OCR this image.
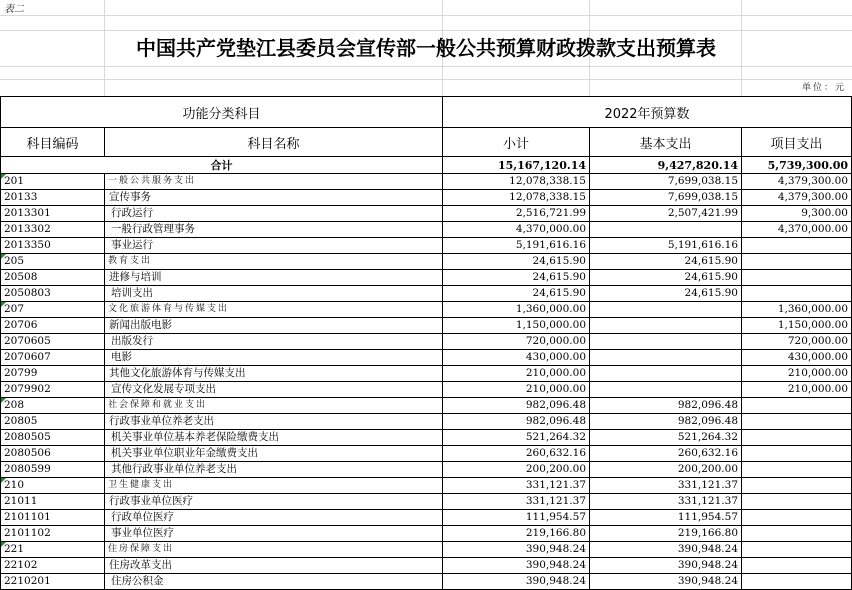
表二
中国共产党垫江县委员会宣传部一般公共预算财政拨款支出预算表
单位：元
功能分类科目		2022年预算数		
科目编码	科目名称	小计	基本支出	项目支出
合计		15,167,120.14	9,427,820.14	5,739,300.00
201	一般公共服务支出	12,078,338.15	7,699,038.15	4,379,300.00
20133	宣传事务	12,078,338.15	7,699,038.15	4,379,300.00
2013301	行政运行	2,516,721.99	2,507,421.99	9,300.00
2013302	一般行政管理事务	4,370,000.00		4,370,000.00
2013350	事业运行	5,191,616.16	5,191,616.16	
205	教育支出	24,615.90	24,615.90	
20508	进修与培训	24,615.90	24,615.90	
2050803	培训支出	24,615.90	24,615.90	
207	文化旅游体育与传媒支出	1,360,000.00		1,360,000.00
20706	新闻出版电影	1,150,000.00		1,150,000.00
2070605	出版发行	720,000.00		720,000.00
2070607	电影	430,000.00		430,000.00
20799	其他文化旅游体育与传媒支出	210,000.00		210,000.00
2079902	宣传文化发展专项支出	210,000.00		210,000.00
208	社会保障和就业支出	982,096.48	982,096.48	
20805	行政事业单位养老支出	982,096.48	982,096.48	
2080505	机关事业单位基本养老保险缴费支出	521,264.32	521,264.32	
2080506	机关事业单位职业年金缴费支出	260,632.16	260,632.16	
2080599	其他行政事业单位养老支出	200,200.00	200,200.00	
210	卫生健康支出	331,121.37	331,121.37	
21011	行政事业单位医疗	331,121.37	331,121.37	
2101101	行政单位医疗	111,954.57	111,954.57	
2101102	事业单位医疗	219,166.80	219,166.80	
221	住房保障支出	390,948.24	390,948.24	
22102	住房改革支出	390,948.24	390,948.24	
2210201	住房公积金	390,948.24	390,948.24	
